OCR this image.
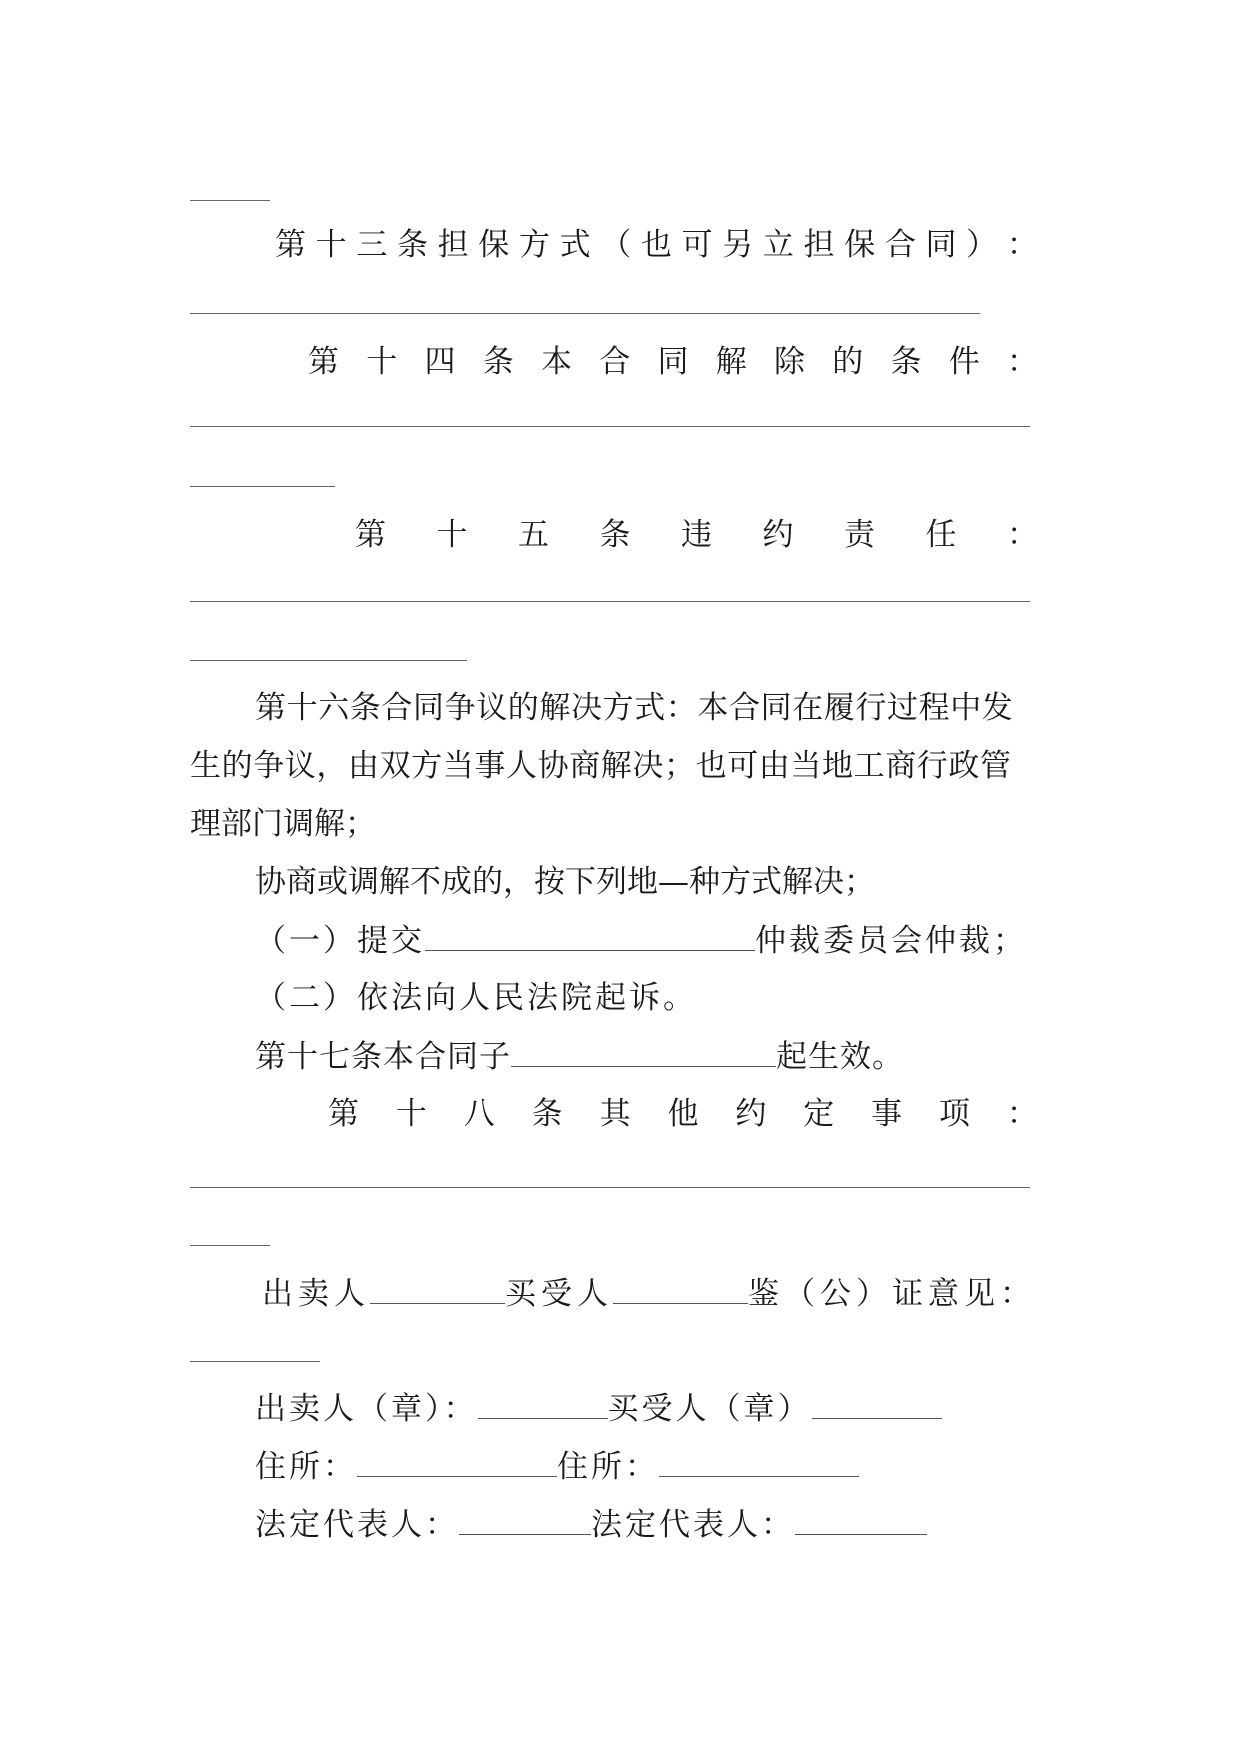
第 十 三 条 担 保 方 式 （ 也 可 另 立 担 保 合 同 ） ：
第 十 四 条 本 合 同 解 除 的 条 件 ：
第 十 五 条 违 约 责 任 ：
第十六条合同争议的解决方式：本合同在履行过程中发
生的争议，由双方当事人协商解决；也可由当地工商行政管
理部门调解；
协商或调解不成的，按下列地—种方式解决；
（一）提交	仲裁委员会仲裁；
（二）依法向人民法院起诉。
第十七条本合同子	起生效。
第 十 八 条 其 他 约 定 事 项 ：
出卖人	买受人	鉴（公）证意见：
出卖人（章）：	买受人（章）
住所：	住所：
法定代表人：	法定代表人：
